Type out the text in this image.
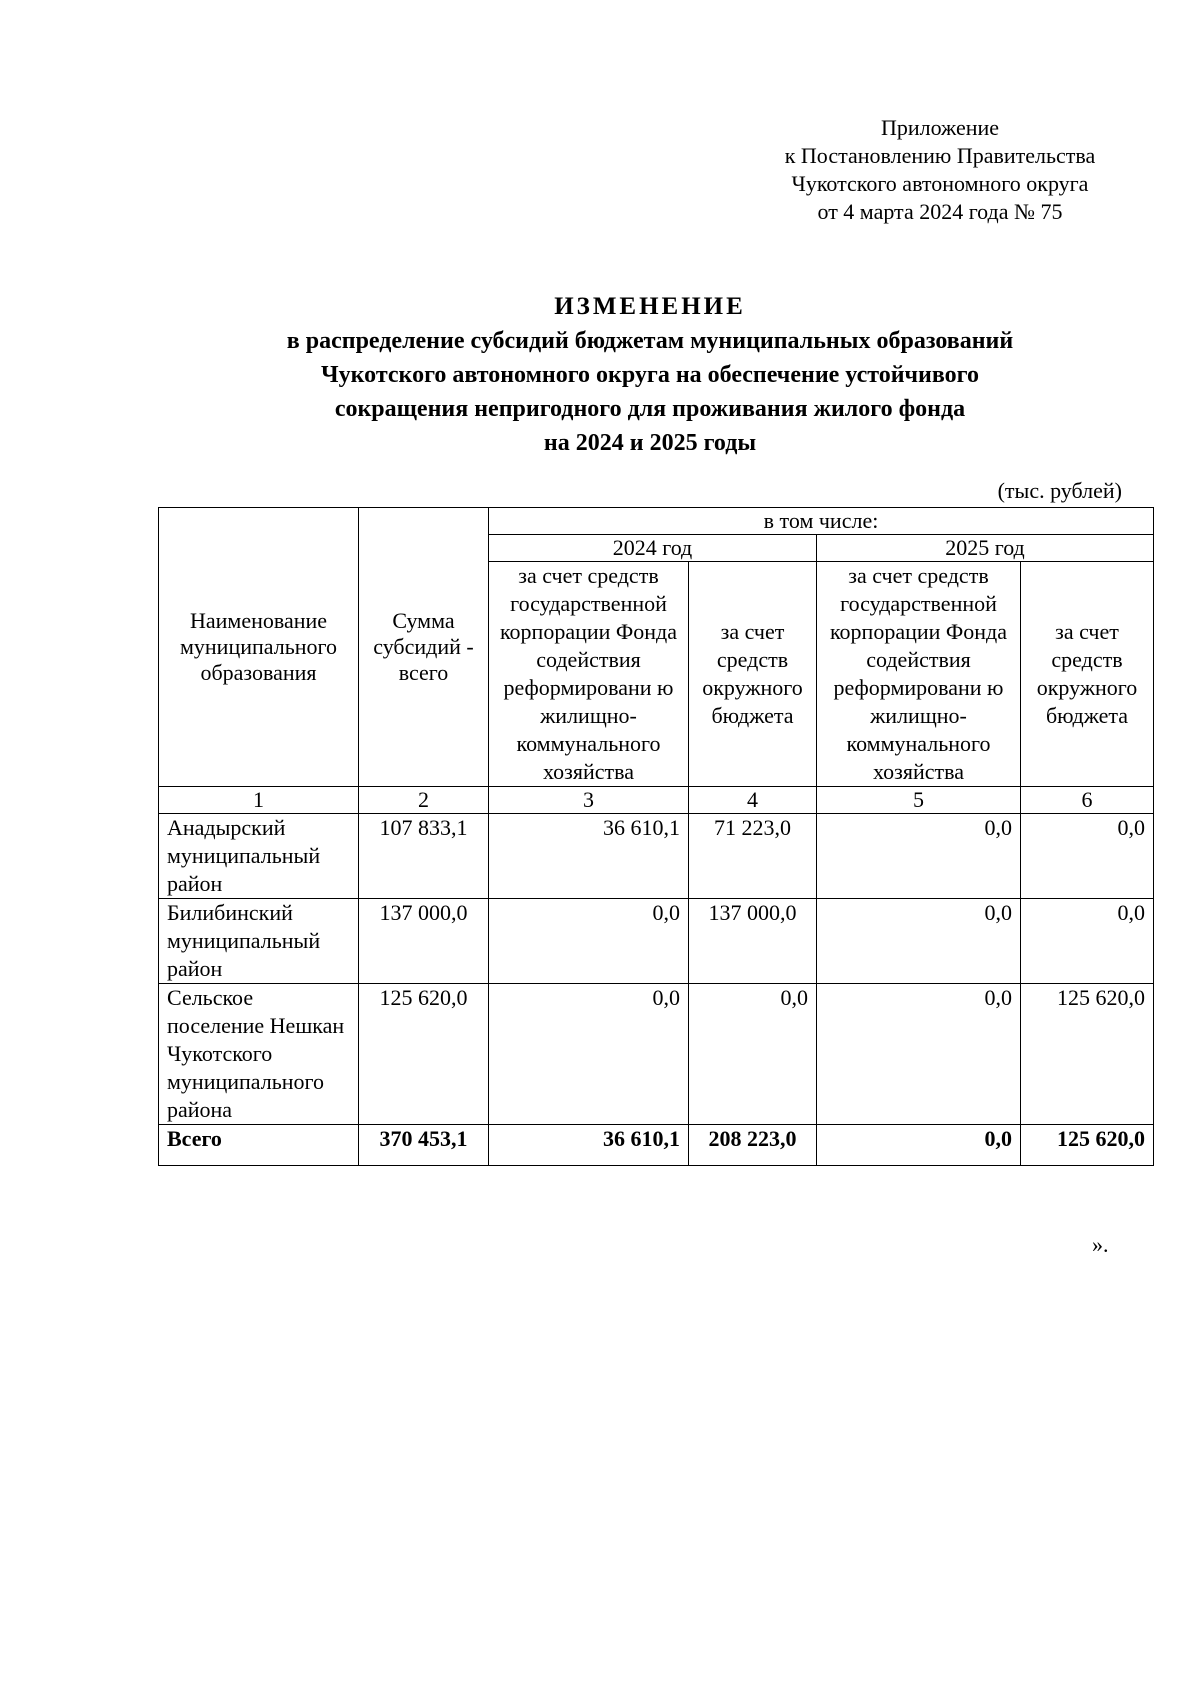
Приложение
к Постановлению Правительства
Чукотского автономного округа
от 4 марта 2024 года № 75
ИЗМЕНЕНИЕ
в распределение субсидий бюджетам муниципальных образований
Чукотского автономного округа на обеспечение устойчивого
сокращения непригодного для проживания жилого фонда
на 2024 и 2025 годы
(тыс. рублей)
Наименование муниципального образования	Сумма субсидий - всего	в том числе:			
		2024 год		2025 год	
		за счет средств государственной корпорации Фонда содействия реформировани ю жилищно-коммунального хозяйства	за счет средств окружного бюджета	за счет средств государственной корпорации Фонда содействия реформировани ю жилищно-коммунального хозяйства	за счет средств окружного бюджета
1	2	3	4	5	6
Анадырский муниципальный район	107 833,1	36 610,1	71 223,0	0,0	0,0
Билибинский муниципальный район	137 000,0	0,0	137 000,0	0,0	0,0
Сельское поселение Нешкан Чукотского муниципального района	125 620,0	0,0	0,0	0,0	125 620,0
Всего	370 453,1	36 610,1	208 223,0	0,0	125 620,0
».
